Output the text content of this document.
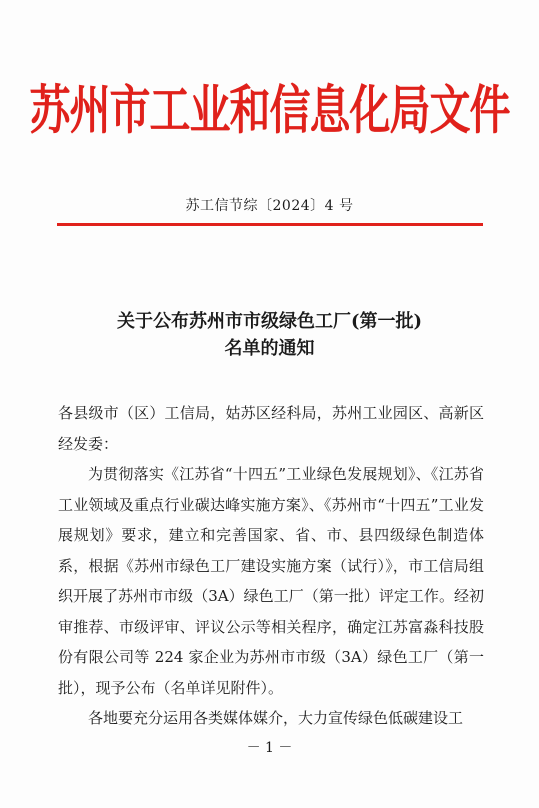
苏州市工业和信息化局文件
苏工信节综〔2024〕4 号
关于公布苏州市市级绿色工厂(第一批)
名单的通知

各县级市（区）工信局，姑苏区经科局，苏州工业园区、高新区经发委：

为贯彻落实《江苏省“十四五”工业绿色发展规划》、《江苏省工业领域及重点行业碳达峰实施方案》、《苏州市“十四五”工业发展规划》要求，建立和完善国家、省、市、县四级绿色制造体系，根据《苏州市绿色工厂建设实施方案（试行）》，市工信局组织开展了苏州市市级（3A）绿色工厂（第一批）评定工作。经初审推荐、市级评审、评议公示等相关程序，确定江苏富淼科技股份有限公司等 224 家企业为苏州市市级（3A）绿色工厂（第一批），现予公布（名单详见附件）。

各地要充分运用各类媒体媒介，大力宣传绿色低碳建设工

－ 1 －
